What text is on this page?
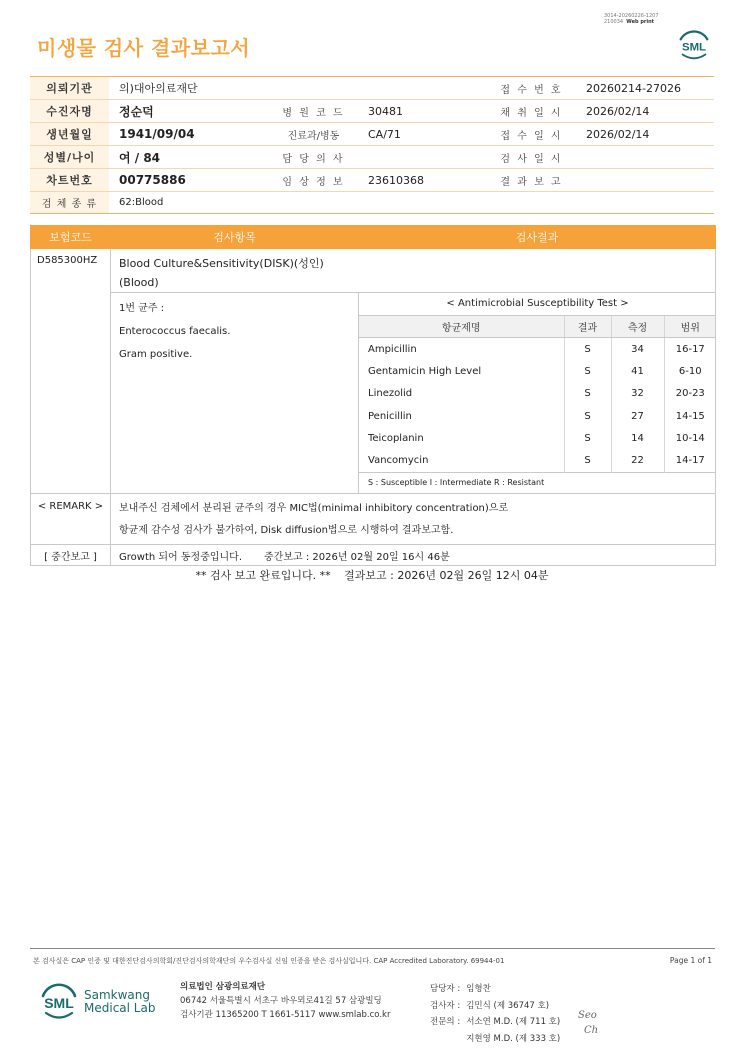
3014-20260226-1207
210034 Web print
미생물 검사 결과보고서	SML
의뢰기관	의)대아의료재단			접 수 번 호	20260214-27026
수진자명	정순덕	병 원 코 드	30481	채 취 일 시	2026/02/14
생년월일	1941/09/04	진료과/병동	CA/71	접 수 일 시	2026/02/14
성별/나이	여 / 84	담 당 의 사		검 사 일 시	
차트번호	00775886	임 상 정 보	23610368	결 과 보 고	
검 체 종 류	62:Blood				
보험코드	검사항목	검사결과
D585300HZ	Blood Culture&Sensitivity(DISK)(성인)
(Blood)

1번 균주 :
Enterococcus faecalis.
Gram positive.

< Antimicrobial Susceptibility Test >
항균제명	결과	측정	범위
Ampicillin	S	34	16-17
Gentamicin High Level	S	41	6-10
Linezolid	S	32	20-23
Penicillin	S	27	14-15
Teicoplanin	S	14	10-14
Vancomycin	S	22	14-17
S : Susceptible I : Intermediate R : Resistant

< REMARK >	보내주신 검체에서 분리된 균주의 경우 MIC법(minimal inhibitory concentration)으로
항균제 감수성 검사가 불가하여, Disk diffusion법으로 시행하여 결과보고함.

[ 중간보고 ]	Growth 되어 동정중입니다. 중간보고 : 2026년 02월 20일 16시 46분
** 검사 보고 완료입니다. ** 결과보고 : 2026년 02월 26일 12시 04분
본 검사실은 CAP 인증 및 대한진단검사의학회/진단검사의학재단의 우수검사실 신임 인증을 받은 검사실입니다. CAP Accredited Laboratory. 69944-01	Page 1 of 1
SML Samkwang
Medical Lab
의료법인 삼광의료재단
06742 서울특별시 서초구 바우뫼로41길 57 삼광빌딩
검사기관 11365200 T 1661-5117 www.smlab.co.kr
담당자 :	임형찬
검사자 :	김민식 (제 36747 호)
전문의 :	서소연 M.D. (제 711 호)
	지현영 M.D. (제 333 호)
Seo
Ch
